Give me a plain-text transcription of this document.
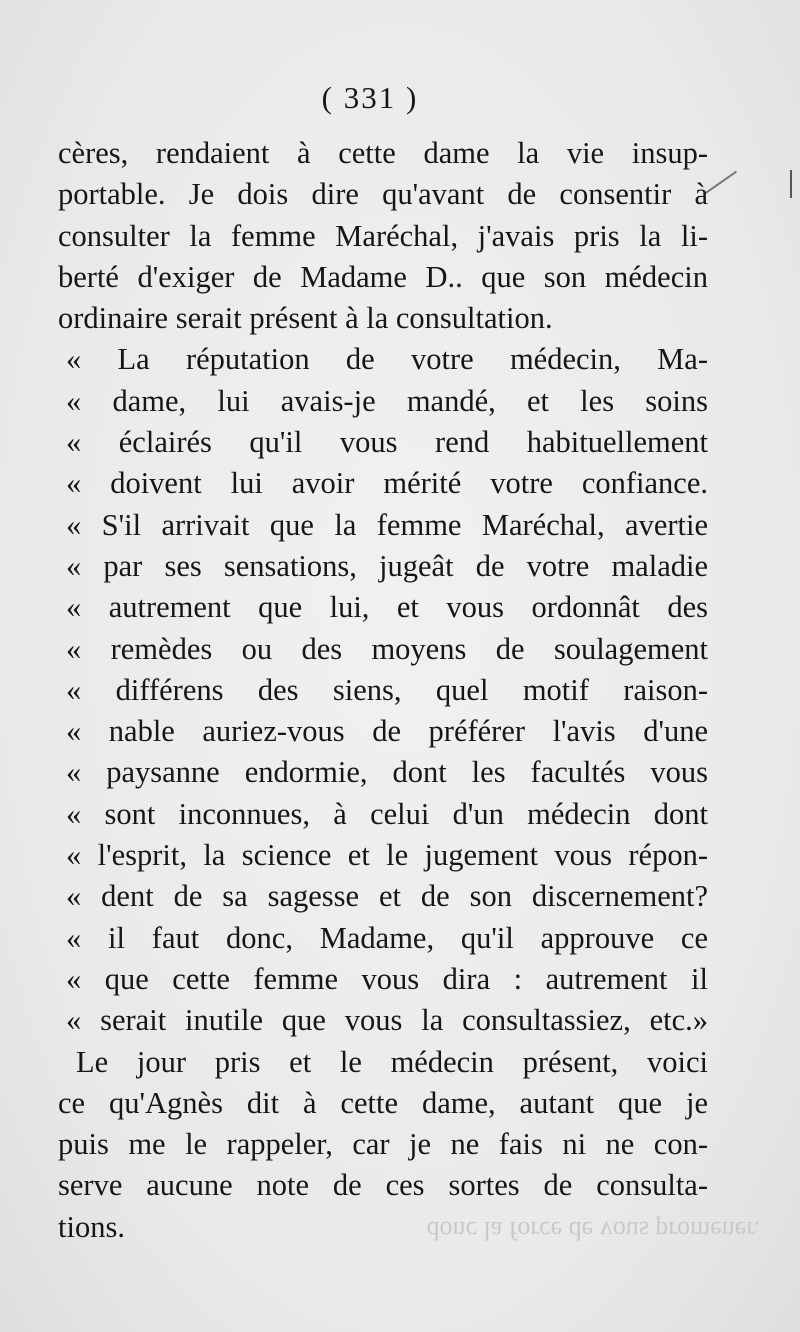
( 331 )
cères, rendaient à cette dame la vie insup-
portable. Je dois dire qu'avant de consentir à
consulter la femme Maréchal, j'avais pris la li-
berté d'exiger de Madame D.. que son médecin
ordinaire serait présent à la consultation.
« La réputation de votre médecin, Ma-
« dame, lui avais-je mandé, et les soins
« éclairés qu'il vous rend habituellement
« doivent lui avoir mérité votre confiance.
« S'il arrivait que la femme Maréchal, avertie
« par ses sensations, jugeât de votre maladie
« autrement que lui, et vous ordonnât des
« remèdes ou des moyens de soulagement
« différens des siens, quel motif raison-
« nable auriez-vous de préférer l'avis d'une
« paysanne endormie, dont les facultés vous
« sont inconnues, à celui d'un médecin dont
« l'esprit, la science et le jugement vous répon-
« dent de sa sagesse et de son discernement?
« il faut donc, Madame, qu'il approuve ce
« que cette femme vous dira : autrement il
« serait inutile que vous la consultassiez, etc.»
Le jour pris et le médecin présent, voici
ce qu'Agnès dit à cette dame, autant que je
puis me le rappeler, car je ne fais ni ne con-
serve aucune note de ces sortes de consulta-
tions.	donc la force de vous promener.
